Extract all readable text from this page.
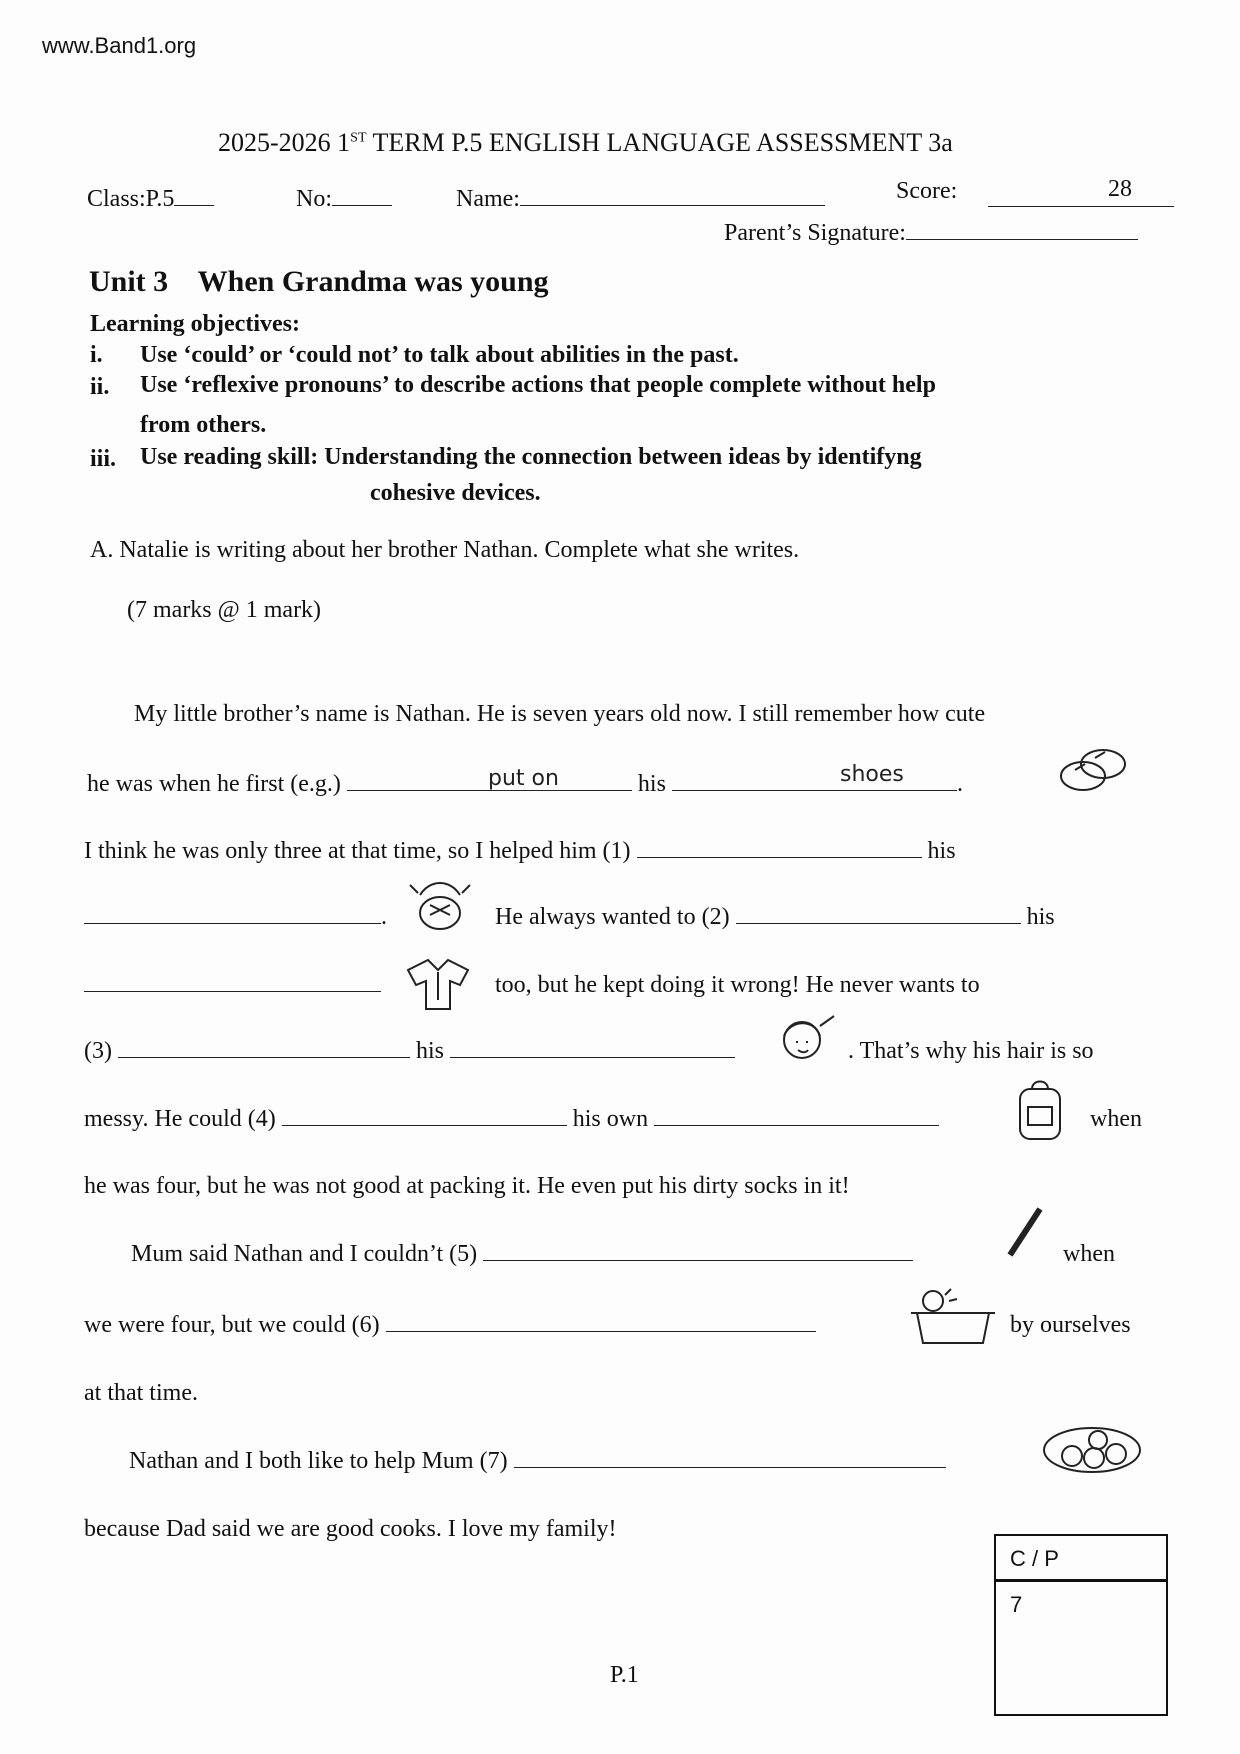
www.Band1.org
2025-2026 1ST TERM P.5 ENGLISH LANGUAGE ASSESSMENT 3a
Class:P.5	No:	Name:	Score:	28
Parent’s Signature:
Unit 3    When Grandma was young
Learning objectives:
i. Use ‘could’ or ‘could not’ to talk about abilities in the past.
ii. Use ‘reflexive pronouns’ to describe actions that people complete without help
from others.
iii. Use reading skill: Understanding the connection between ideas by identifyng
cohesive devices.
A. Natalie is writing about her brother Nathan. Complete what she writes.
(7 marks @ 1 mark)
My little brother’s name is Nathan. He is seven years old now. I still remember how cute
he was when he first (e.g.)	his	.
put on	shoes
I think he was only three at that time, so I helped him (1)	his
.	He always wanted to (2)	his
too, but he kept doing it wrong! He never wants to
(3)	his	. That’s why his hair is so
messy. He could (4)	his own	when
he was four, but he was not good at packing it. He even put his dirty socks in it!
Mum said Nathan and I couldn’t (5)	when
we were four, but we could (6)	by ourselves
at that time.
Nathan and I both like to help Mum (7)
because Dad said we are good cooks. I love my family!
C / P
7
P.1
